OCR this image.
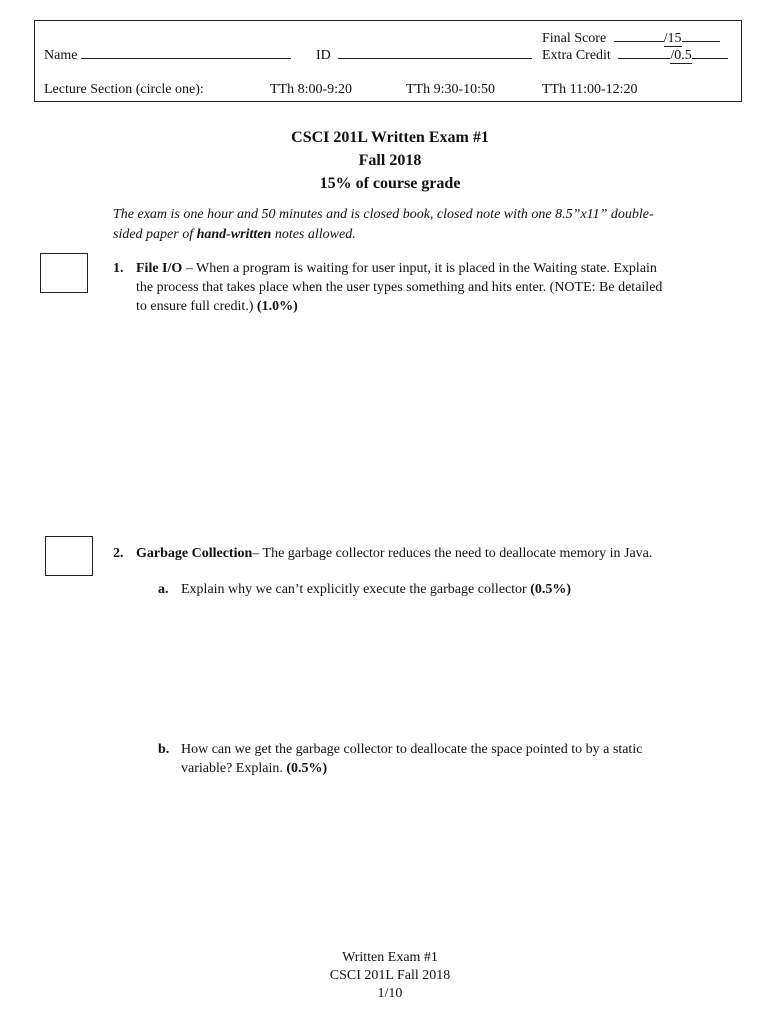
Name	ID
Final Score	/15
Extra Credit	/0.5
Lecture Section (circle one):	TTh 8:00-9:20	TTh 9:30-10:50	TTh 11:00-12:20
CSCI 201L Written Exam #1
Fall 2018
15% of course grade
The exam is one hour and 50 minutes and is closed book, closed note with one 8.5”x11” double-sided paper of hand-written notes allowed.
1. File I/O – When a program is waiting for user input, it is placed in the Waiting state. Explain the process that takes place when the user types something and hits enter. (NOTE: Be detailed to ensure full credit.) (1.0%)
2. Garbage Collection– The garbage collector reduces the need to deallocate memory in Java.
a. Explain why we can’t explicitly execute the garbage collector (0.5%)
b. How can we get the garbage collector to deallocate the space pointed to by a static variable? Explain. (0.5%)
Written Exam #1
CSCI 201L Fall 2018
1/10
